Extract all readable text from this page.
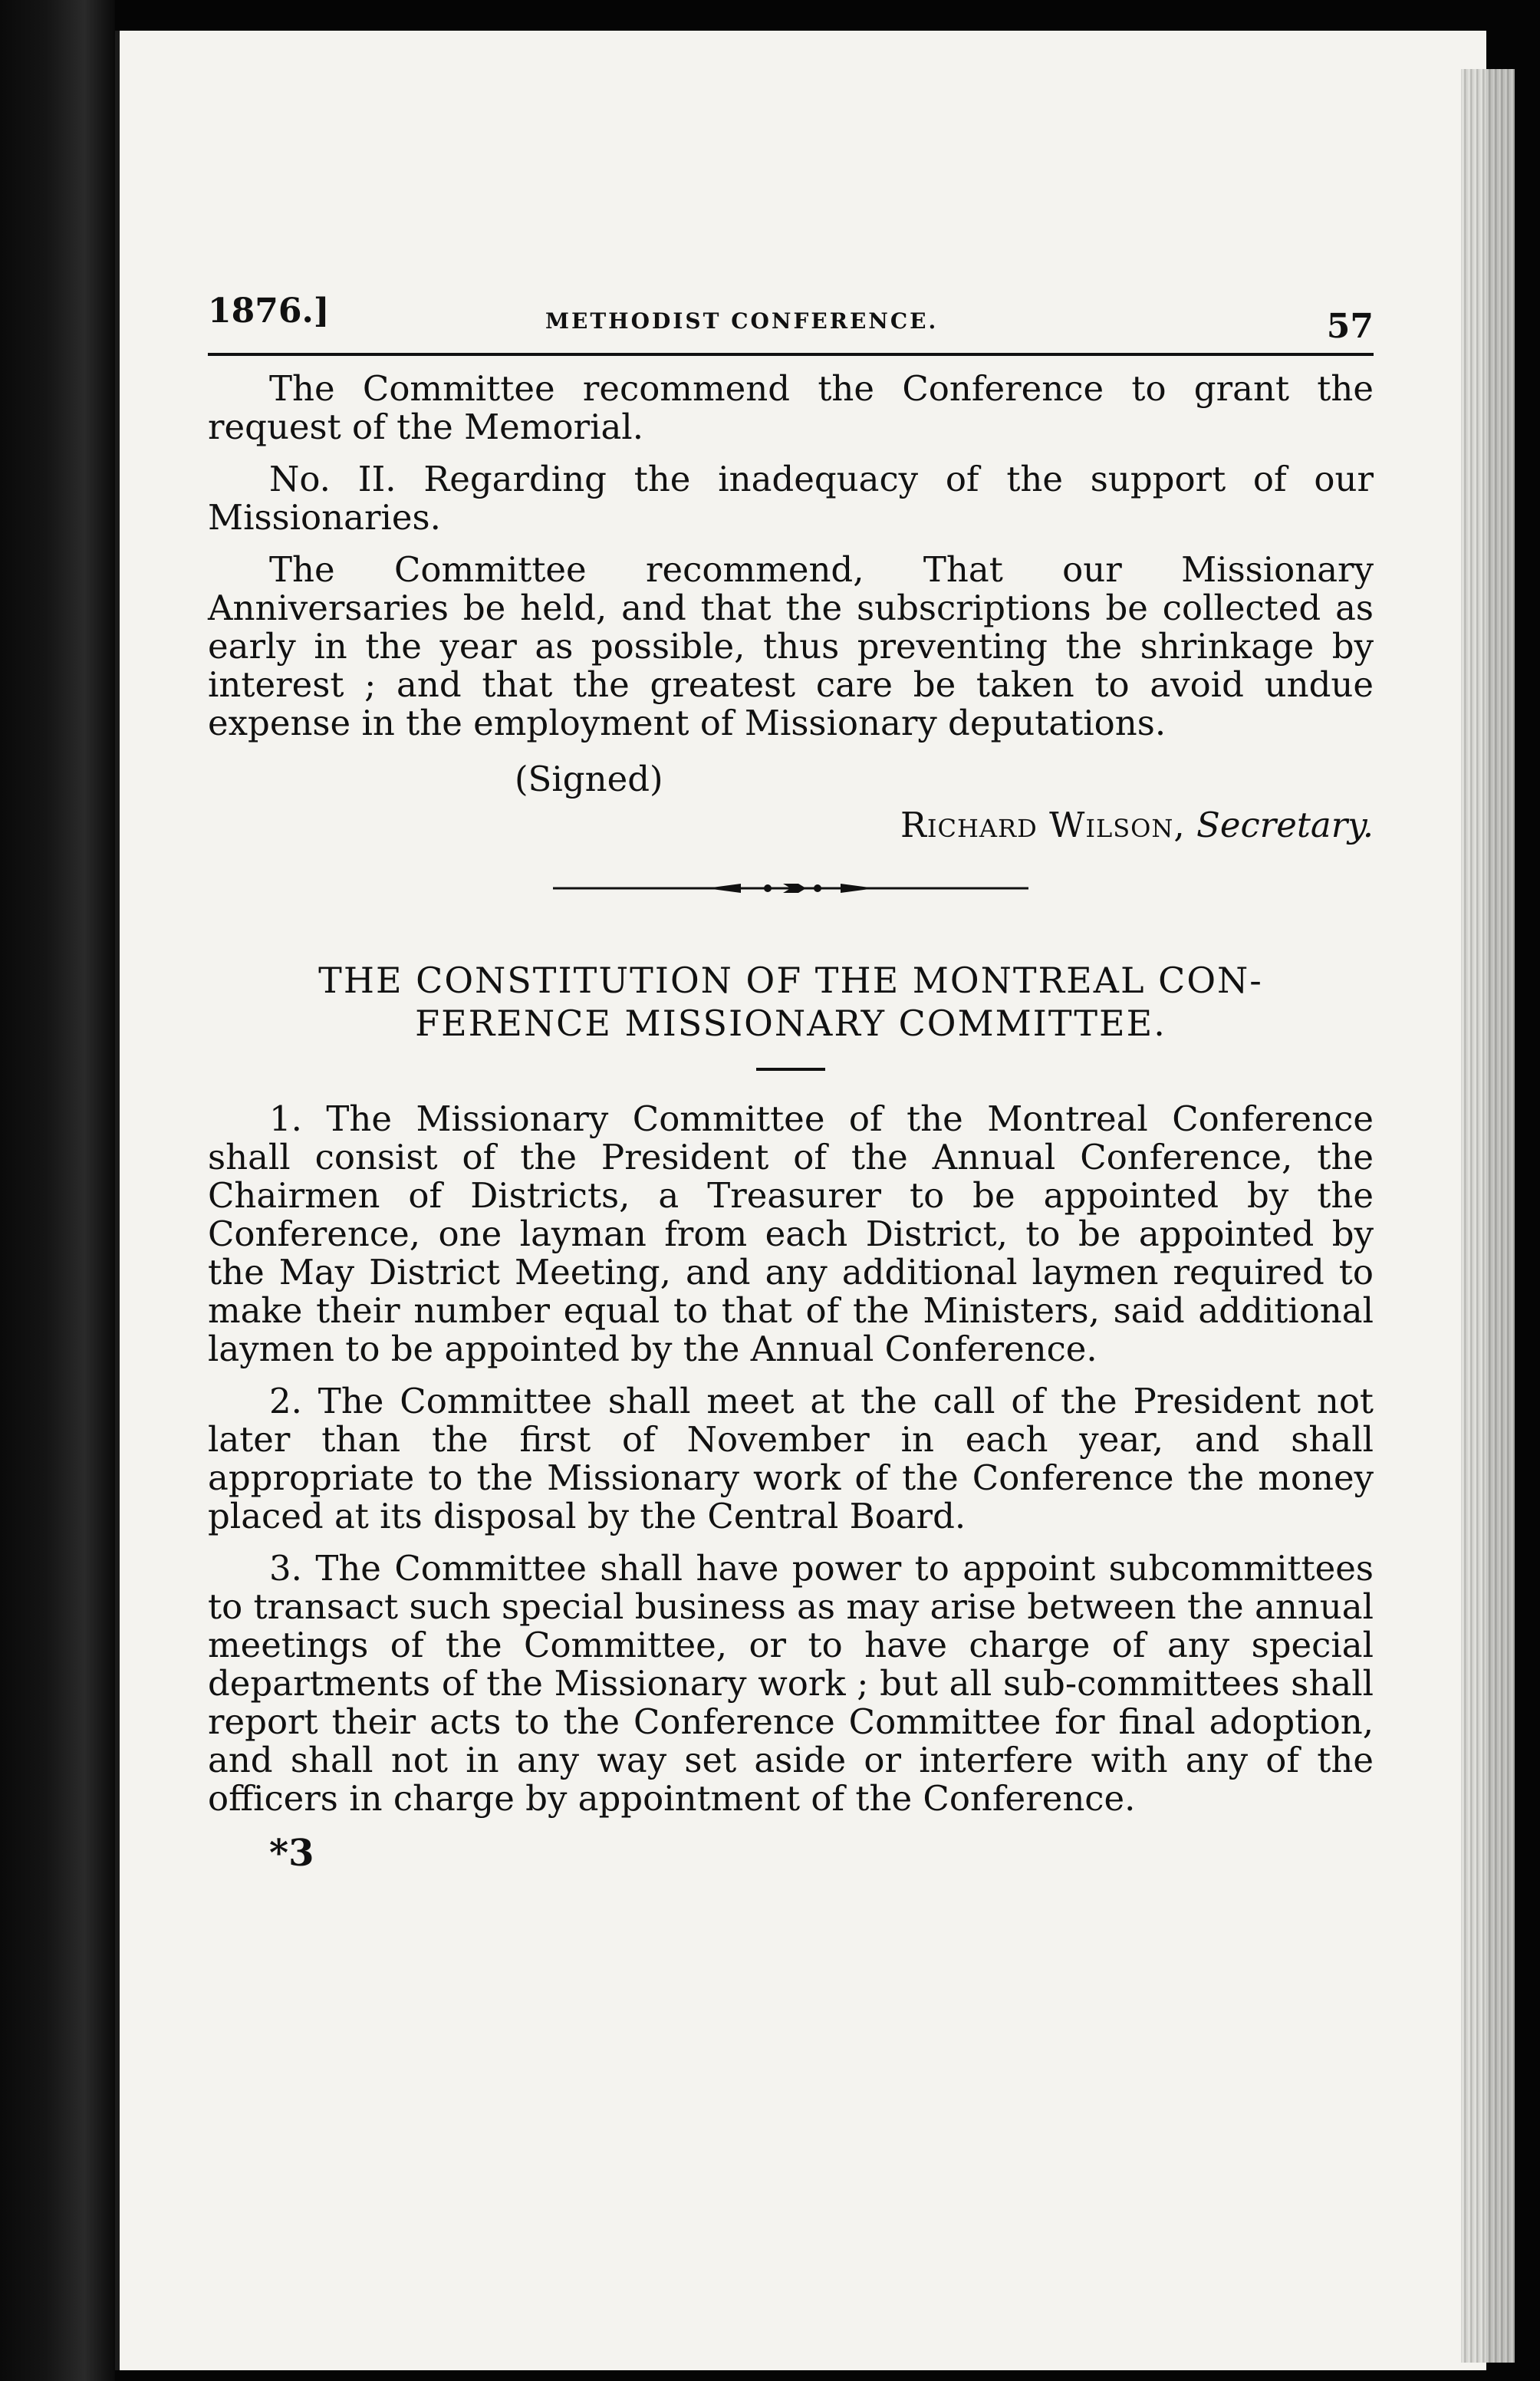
1876.]	METHODIST CONFERENCE.	57

The Committee recommend the Conference to grant the request of the Memorial.

No. II. Regarding the inadequacy of the support of our Missionaries.

The Committee recommend, That our Missionary Anniversaries be held, and that the subscriptions be collected as early in the year as possible, thus preventing the shrinkage by interest ; and that the greatest care be taken to avoid undue expense in the employment of Missionary deputations.

(Signed)
Richard Wilson, Secretary.
THE CONSTITUTION OF THE MONTREAL CON-
FERENCE MISSIONARY COMMITTEE.

1. The Missionary Committee of the Montreal Conference shall consist of the President of the Annual Conference, the Chairmen of Districts, a Treasurer to be appointed by the Conference, one layman from each District, to be appointed by the May District Meeting, and any additional laymen required to make their number equal to that of the Ministers, said additional laymen to be appointed by the Annual Conference.

2. The Committee shall meet at the call of the President not later than the first of November in each year, and shall appropriate to the Missionary work of the Conference the money placed at its disposal by the Central Board.

3. The Committee shall have power to appoint subcommittees to transact such special business as may arise between the annual meetings of the Committee, or to have charge of any special departments of the Missionary work ; but all sub-committees shall report their acts to the Conference Committee for final adoption, and shall not in any way set aside or interfere with any of the officers in charge by appointment of the Conference.

*3
